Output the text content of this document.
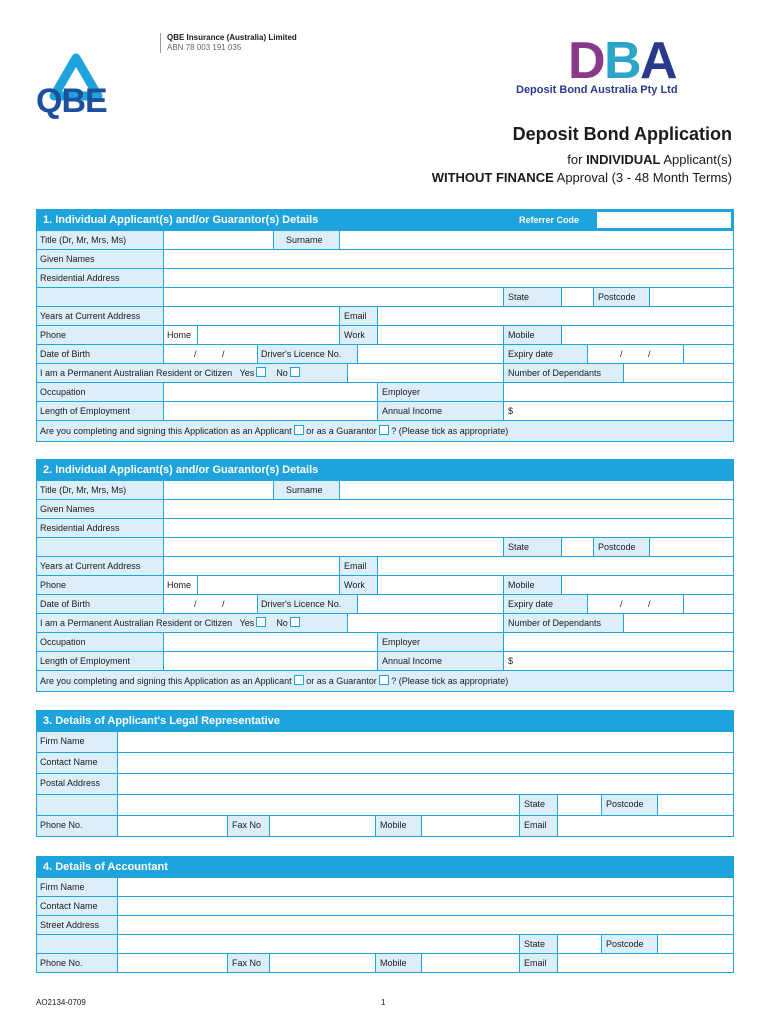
QBE
QBE Insurance (Australia) Limited
ABN 78 003 191 035	D B A
Deposit Bond Australia Pty Ltd
Deposit Bond Application
for INDIVIDUAL Applicant(s)
WITHOUT FINANCE Approval (3 - 48 Month Terms)
1. Individual Applicant(s) and/or Guarantor(s) Details	Referrer Code
Title (Dr, Mr, Mrs, Ms)	Surname
Given Names
Residential Address
State	Postcode
Years at Current Address	Email
Phone	Home	Work	Mobile
Date of Birth	/	/	Driver's Licence No.	Expiry date	/	/
I am a Permanent Australian Resident or Citizen Yes No	Number of Dependants
Occupation	Employer
Length of Employment	Annual Income	$
Are you completing and signing this Application as an Applicant or as a Guarantor ? (Please tick as appropriate)
2. Individual Applicant(s) and/or Guarantor(s) Details
Title (Dr, Mr, Mrs, Ms)	Surname
Given Names
Residential Address
State	Postcode
Years at Current Address	Email
Phone	Home	Work	Mobile
Date of Birth	/	/	Driver's Licence No.	Expiry date	/	/
I am a Permanent Australian Resident or Citizen Yes No	Number of Dependants
Occupation	Employer
Length of Employment	Annual Income	$
Are you completing and signing this Application as an Applicant or as a Guarantor ? (Please tick as appropriate)
3. Details of Applicant's Legal Representative
Firm Name
Contact Name
Postal Address
State	Postcode
Phone No.	Fax No	Mobile	Email
4. Details of Accountant
Firm Name
Contact Name
Street Address
State	Postcode
Phone No.	Fax No	Mobile	Email
AO2134-0709	1
